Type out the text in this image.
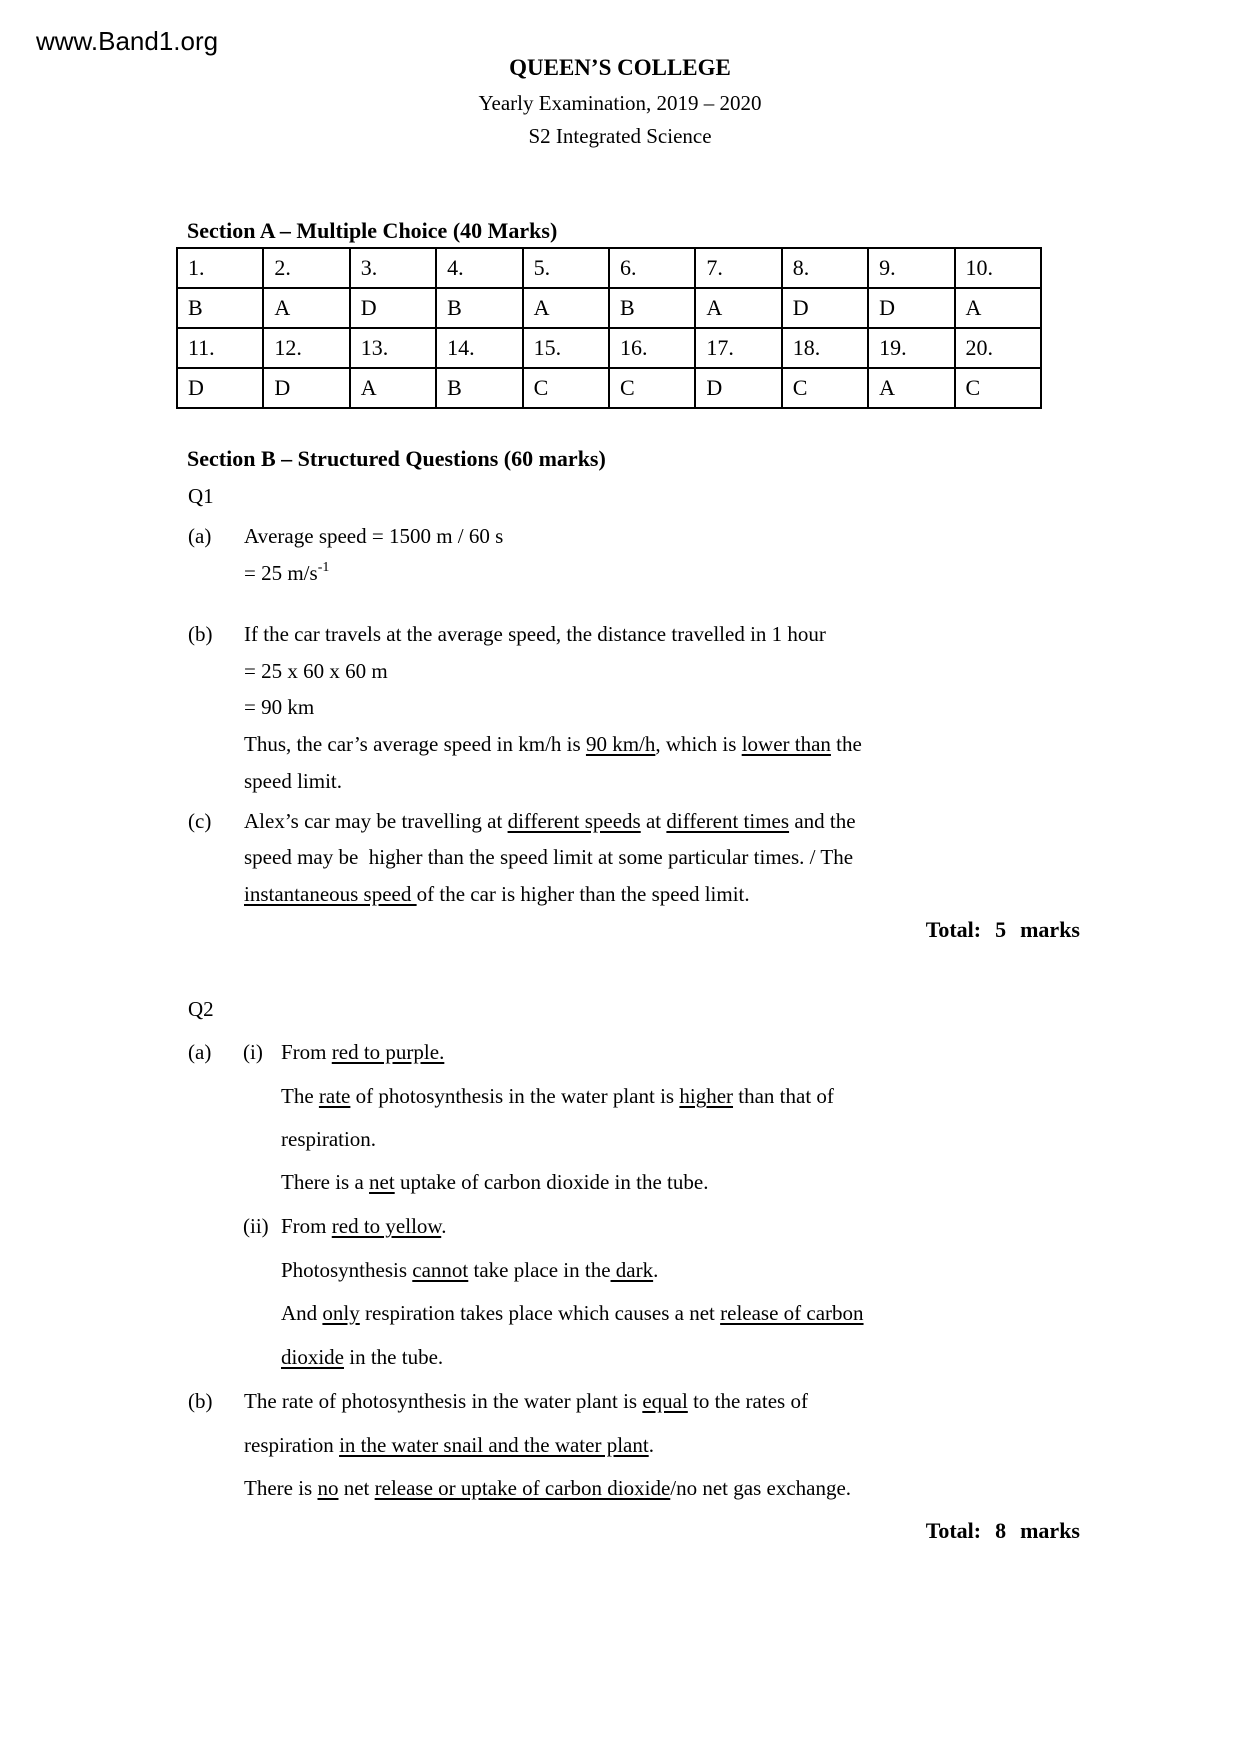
www.Band1.org
QUEEN’S COLLEGE
Yearly Examination, 2019 – 2020
S2 Integrated Science
Section A – Multiple Choice (40 Marks)
1.	2.	3.	4.	5.	6.	7.	8.	9.	10.
B	A	D	B	A	B	A	D	D	A
11.	12.	13.	14.	15.	16.	17.	18.	19.	20.
D	D	A	B	C	C	D	C	A	C
Section B – Structured Questions (60 marks)
Q1
(a) Average speed = 1500 m / 60 s
= 25 $m/s^{-1}$
(b) If the car travels at the average speed, the distance travelled in 1 hour
= 25 x 60 x 60 m
= 90 km
Thus, the car’s average speed in km/h is 90 km/h, which is lower than the
speed limit.
(c) Alex’s car may be travelling at different speeds at different times and the
speed may be  higher than the speed limit at some particular times. / The
instantaneous speed of the car is higher than the speed limit.
Total: 5 marks
Q2
(a) (i) From red to purple.
The rate of photosynthesis in the water plant is higher than that of
respiration.
There is a net uptake of carbon dioxide in the tube.
(ii) From red to yellow.
Photosynthesis cannot take place in the dark.
And only respiration takes place which causes a net release of carbon
dioxide in the tube.
(b) The rate of photosynthesis in the water plant is equal to the rates of
respiration in the water snail and the water plant.
There is no net release or uptake of carbon dioxide/no net gas exchange.
Total: 8 marks
